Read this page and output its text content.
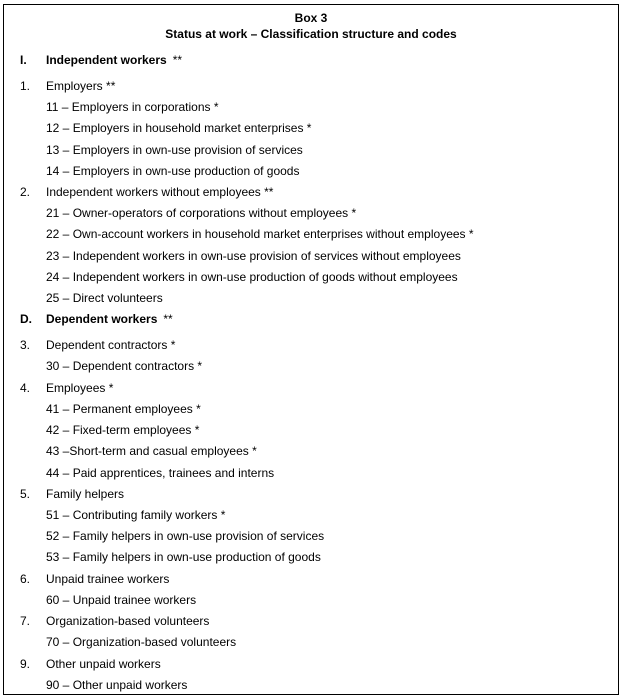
Box 3
Status at work – Classification structure and codes
I. Independent workers **
1. Employers **
11 – Employers in corporations *
12 – Employers in household market enterprises *
13 – Employers in own-use provision of services
14 – Employers in own-use production of goods
2. Independent workers without employees **
21 – Owner-operators of corporations without employees *
22 – Own-account workers in household market enterprises without employees *
23 – Independent workers in own-use provision of services without employees
24 – Independent workers in own-use production of goods without employees
25 – Direct volunteers
D. Dependent workers **
3. Dependent contractors *
30 – Dependent contractors *
4. Employees *
41 – Permanent employees *
42 – Fixed-term employees *
43 –Short-term and casual employees *
44 – Paid apprentices, trainees and interns
5. Family helpers
51 – Contributing family workers *
52 – Family helpers in own-use provision of services
53 – Family helpers in own-use production of goods
6. Unpaid trainee workers
60 – Unpaid trainee workers
7. Organization-based volunteers
70 – Organization-based volunteers
9. Other unpaid workers
90 – Other unpaid workers
